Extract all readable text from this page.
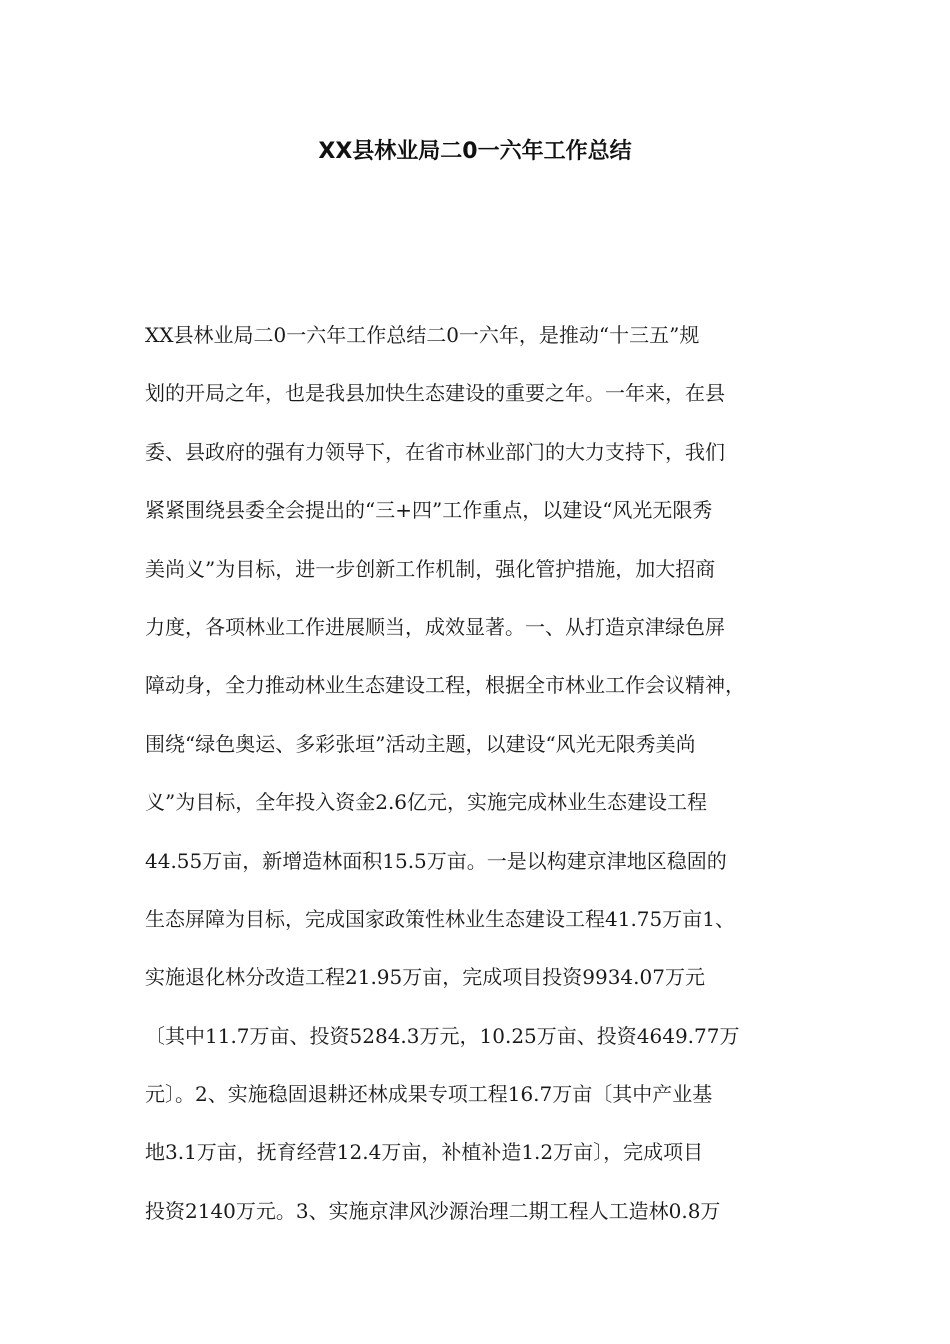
XX县林业局二0一六年工作总结
XX县林业局二0一六年工作总结二0一六年，是推动“十三五”规
划的开局之年，也是我县加快生态建设的重要之年。一年来，在县
委、县政府的强有力领导下，在省市林业部门的大力支持下，我们
紧紧围绕县委全会提出的“三+四”工作重点，以建设“风光无限秀
美尚义”为目标，进一步创新工作机制，强化管护措施，加大招商
力度，各项林业工作进展顺当，成效显著。一、从打造京津绿色屏
障动身，全力推动林业生态建设工程，根据全市林业工作会议精神，
围绕“绿色奥运、多彩张垣”活动主题，以建设“风光无限秀美尚
义”为目标，全年投入资金2.6亿元，实施完成林业生态建设工程
44.55万亩，新增造林面积15.5万亩。一是以构建京津地区稳固的
生态屏障为目标，完成国家政策性林业生态建设工程41.75万亩1、
实施退化林分改造工程21.95万亩，完成项目投资9934.07万元
〔其中11.7万亩、投资5284.3万元，10.25万亩、投资4649.77万
元〕。2、实施稳固退耕还林成果专项工程16.7万亩〔其中产业基
地3.1万亩，抚育经营12.4万亩，补植补造1.2万亩〕，完成项目
投资2140万元。3、实施京津风沙源治理二期工程人工造林0.8万
